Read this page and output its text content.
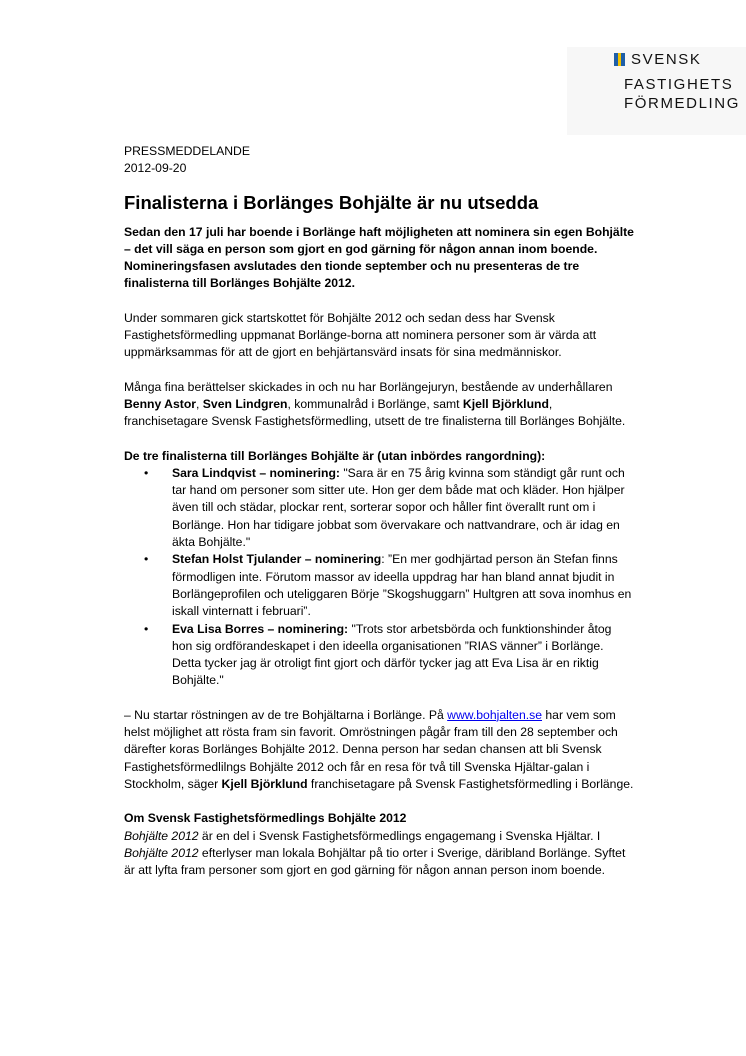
SVENSK
FASTIGHETS
FÖRMEDLING
PRESSMEDDELANDE
2012-09-20
Finalisterna i Borlänges Bohjälte är nu utsedda

Sedan den 17 juli har boende i Borlänge haft möjligheten att nominera sin egen Bohjälte – det vill säga en person som gjort en god gärning för någon annan inom boende. Nomineringsfasen avslutades den tionde september och nu presenteras de tre finalisterna till Borlänges Bohjälte 2012.

Under sommaren gick startskottet för Bohjälte 2012 och sedan dess har Svensk Fastighetsförmedling uppmanat Borlänge-borna att nominera personer som är värda att uppmärksammas för att de gjort en behjärtansvärd insats för sina medmänniskor.

Många fina berättelser skickades in och nu har Borlängejuryn, bestående av underhållaren Benny Astor, Sven Lindgren, kommunalråd i Borlänge, samt Kjell Björklund, franchisetagare Svensk Fastighetsförmedling, utsett de tre finalisterna till Borlänges Bohjälte.

De tre finalisterna till Borlänges Bohjälte är (utan inbördes rangordning):
• Sara Lindqvist – nominering: "Sara är en 75 årig kvinna som ständigt går runt och tar hand om personer som sitter ute. Hon ger dem både mat och kläder. Hon hjälper även till och städar, plockar rent, sorterar sopor och håller fint överallt runt om i Borlänge. Hon har tidigare jobbat som övervakare och nattvandrare, och är idag en äkta Bohjälte."
• Stefan Holst Tjulander – nominering: ”En mer godhjärtad person än Stefan finns förmodligen inte. Förutom massor av ideella uppdrag har han bland annat bjudit in Borlängeprofilen och uteliggaren Börje ”Skogshuggarn” Hultgren att sova inomhus en iskall vinternatt i februari”.
• Eva Lisa Borres – nominering: "Trots stor arbetsbörda och funktionshinder åtog hon sig ordförandeskapet i den ideella organisationen ”RIAS vänner” i Borlänge. Detta tycker jag är otroligt fint gjort och därför tycker jag att Eva Lisa är en riktig Bohjälte."

– Nu startar röstningen av de tre Bohjältarna i Borlänge. På www.bohjalten.se har vem som helst möjlighet att rösta fram sin favorit. Omröstningen pågår fram till den 28 september och därefter koras Borlänges Bohjälte 2012. Denna person har sedan chansen att bli Svensk Fastighetsförmedlilngs Bohjälte 2012 och får en resa för två till Svenska Hjältar-galan i Stockholm, säger Kjell Björklund franchisetagare på Svensk Fastighetsförmedling i Borlänge.

Om Svensk Fastighetsförmedlings Bohjälte 2012

Bohjälte 2012 är en del i Svensk Fastighetsförmedlings engagemang i Svenska Hjältar. I Bohjälte 2012 efterlyser man lokala Bohjältar på tio orter i Sverige, däribland Borlänge. Syftet är att lyfta fram personer som gjort en god gärning för någon annan person inom boende.
